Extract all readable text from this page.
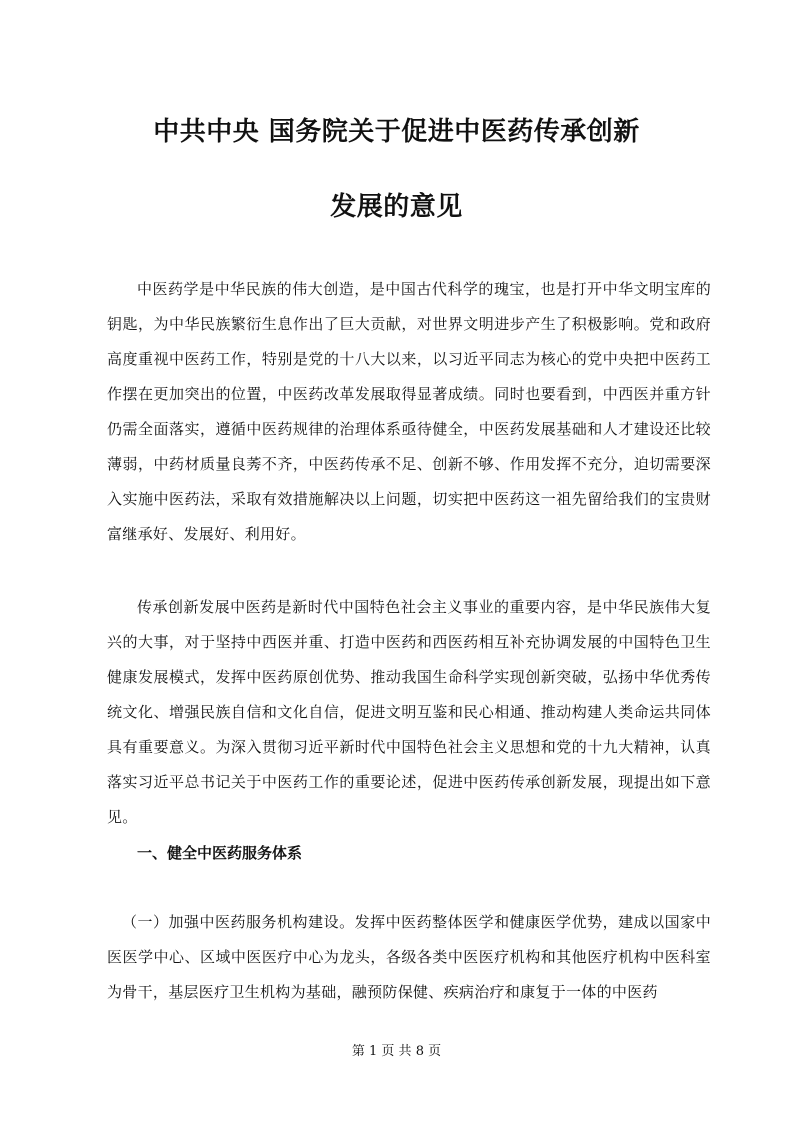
中共中央 国务院关于促进中医药传承创新
发展的意见

中医药学是中华民族的伟大创造，是中国古代科学的瑰宝，也是打开中华文明宝库的钥匙，为中华民族繁衍生息作出了巨大贡献，对世界文明进步产生了积极影响。党和政府高度重视中医药工作，特别是党的十八大以来，以习近平同志为核心的党中央把中医药工作摆在更加突出的位置，中医药改革发展取得显著成绩。同时也要看到，中西医并重方针仍需全面落实，遵循中医药规律的治理体系亟待健全，中医药发展基础和人才建设还比较薄弱，中药材质量良莠不齐，中医药传承不足、创新不够、作用发挥不充分，迫切需要深入实施中医药法，采取有效措施解决以上问题，切实把中医药这一祖先留给我们的宝贵财富继承好、发展好、利用好。

传承创新发展中医药是新时代中国特色社会主义事业的重要内容，是中华民族伟大复兴的大事，对于坚持中西医并重、打造中医药和西医药相互补充协调发展的中国特色卫生健康发展模式，发挥中医药原创优势、推动我国生命科学实现创新突破，弘扬中华优秀传统文化、增强民族自信和文化自信，促进文明互鉴和民心相通、推动构建人类命运共同体具有重要意义。为深入贯彻习近平新时代中国特色社会主义思想和党的十九大精神，认真落实习近平总书记关于中医药工作的重要论述，促进中医药传承创新发展，现提出如下意见。

一、健全中医药服务体系

（一）加强中医药服务机构建设。发挥中医药整体医学和健康医学优势，建成以国家中医医学中心、区域中医医疗中心为龙头，各级各类中医医疗机构和其他医疗机构中医科室为骨干，基层医疗卫生机构为基础，融预防保健、疾病治疗和康复于一体的中医药

第 1 页 共 8 页
